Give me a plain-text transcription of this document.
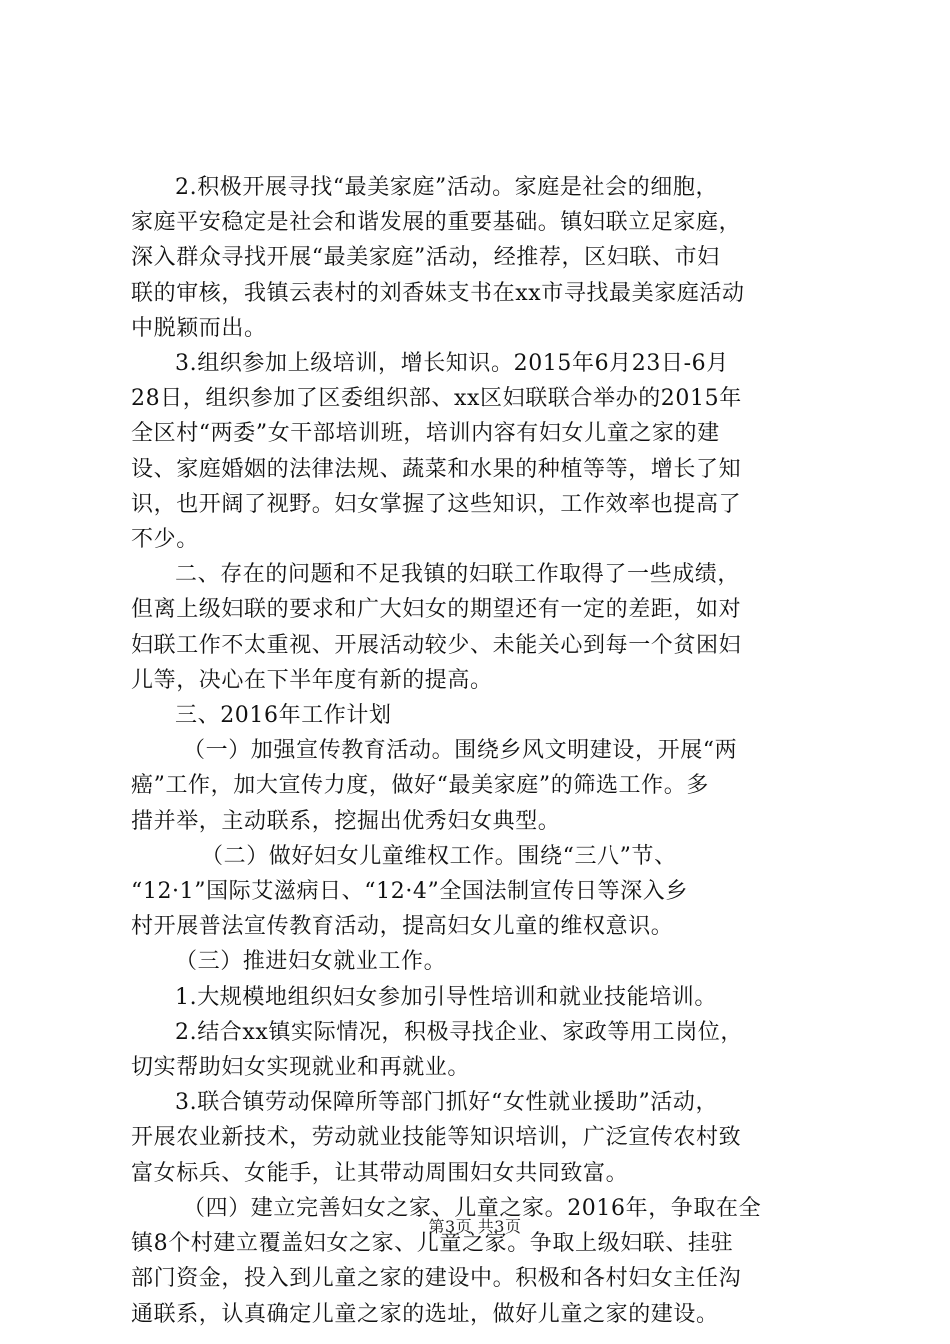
2.积极开展寻找“最美家庭”活动。家庭是社会的细胞，
家庭平安稳定是社会和谐发展的重要基础。镇妇联立足家庭，
深入群众寻找开展“最美家庭”活动，经推荐，区妇联、市妇
联的审核，我镇云表村的刘香妹支书在xx市寻找最美家庭活动
中脱颖而出。

3.组织参加上级培训，增长知识。2015年6月23日-6月
28日，组织参加了区委组织部、xx区妇联联合举办的2015年
全区村“两委”女干部培训班，培训内容有妇女儿童之家的建
设、家庭婚姻的法律法规、蔬菜和水果的种植等等，增长了知
识，也开阔了视野。妇女掌握了这些知识，工作效率也提高了
不少。

二、存在的问题和不足我镇的妇联工作取得了一些成绩，
但离上级妇联的要求和广大妇女的期望还有一定的差距，如对
妇联工作不太重视、开展活动较少、未能关心到每一个贫困妇
儿等，决心在下半年度有新的提高。

三、2016年工作计划

（一）加强宣传教育活动。围绕乡风文明建设，开展“两
癌”工作，加大宣传力度，做好“最美家庭”的筛选工作。多
措并举，主动联系，挖掘出优秀妇女典型。

（二）做好妇女儿童维权工作。围绕“三八”节、
“12·1”国际艾滋病日、“12·4”全国法制宣传日等深入乡
村开展普法宣传教育活动，提高妇女儿童的维权意识。

（三）推进妇女就业工作。

1.大规模地组织妇女参加引导性培训和就业技能培训。

2.结合xx镇实际情况，积极寻找企业、家政等用工岗位，
切实帮助妇女实现就业和再就业。

3.联合镇劳动保障所等部门抓好“女性就业援助”活动，
开展农业新技术，劳动就业技能等知识培训，广泛宣传农村致
富女标兵、女能手，让其带动周围妇女共同致富。

（四）建立完善妇女之家、儿童之家。2016年，争取在全
镇8个村建立覆盖妇女之家、儿童之家。争取上级妇联、挂驻
部门资金，投入到儿童之家的建设中。积极和各村妇女主任沟
通联系，认真确定儿童之家的选址，做好儿童之家的建设。

第3页 共3页
